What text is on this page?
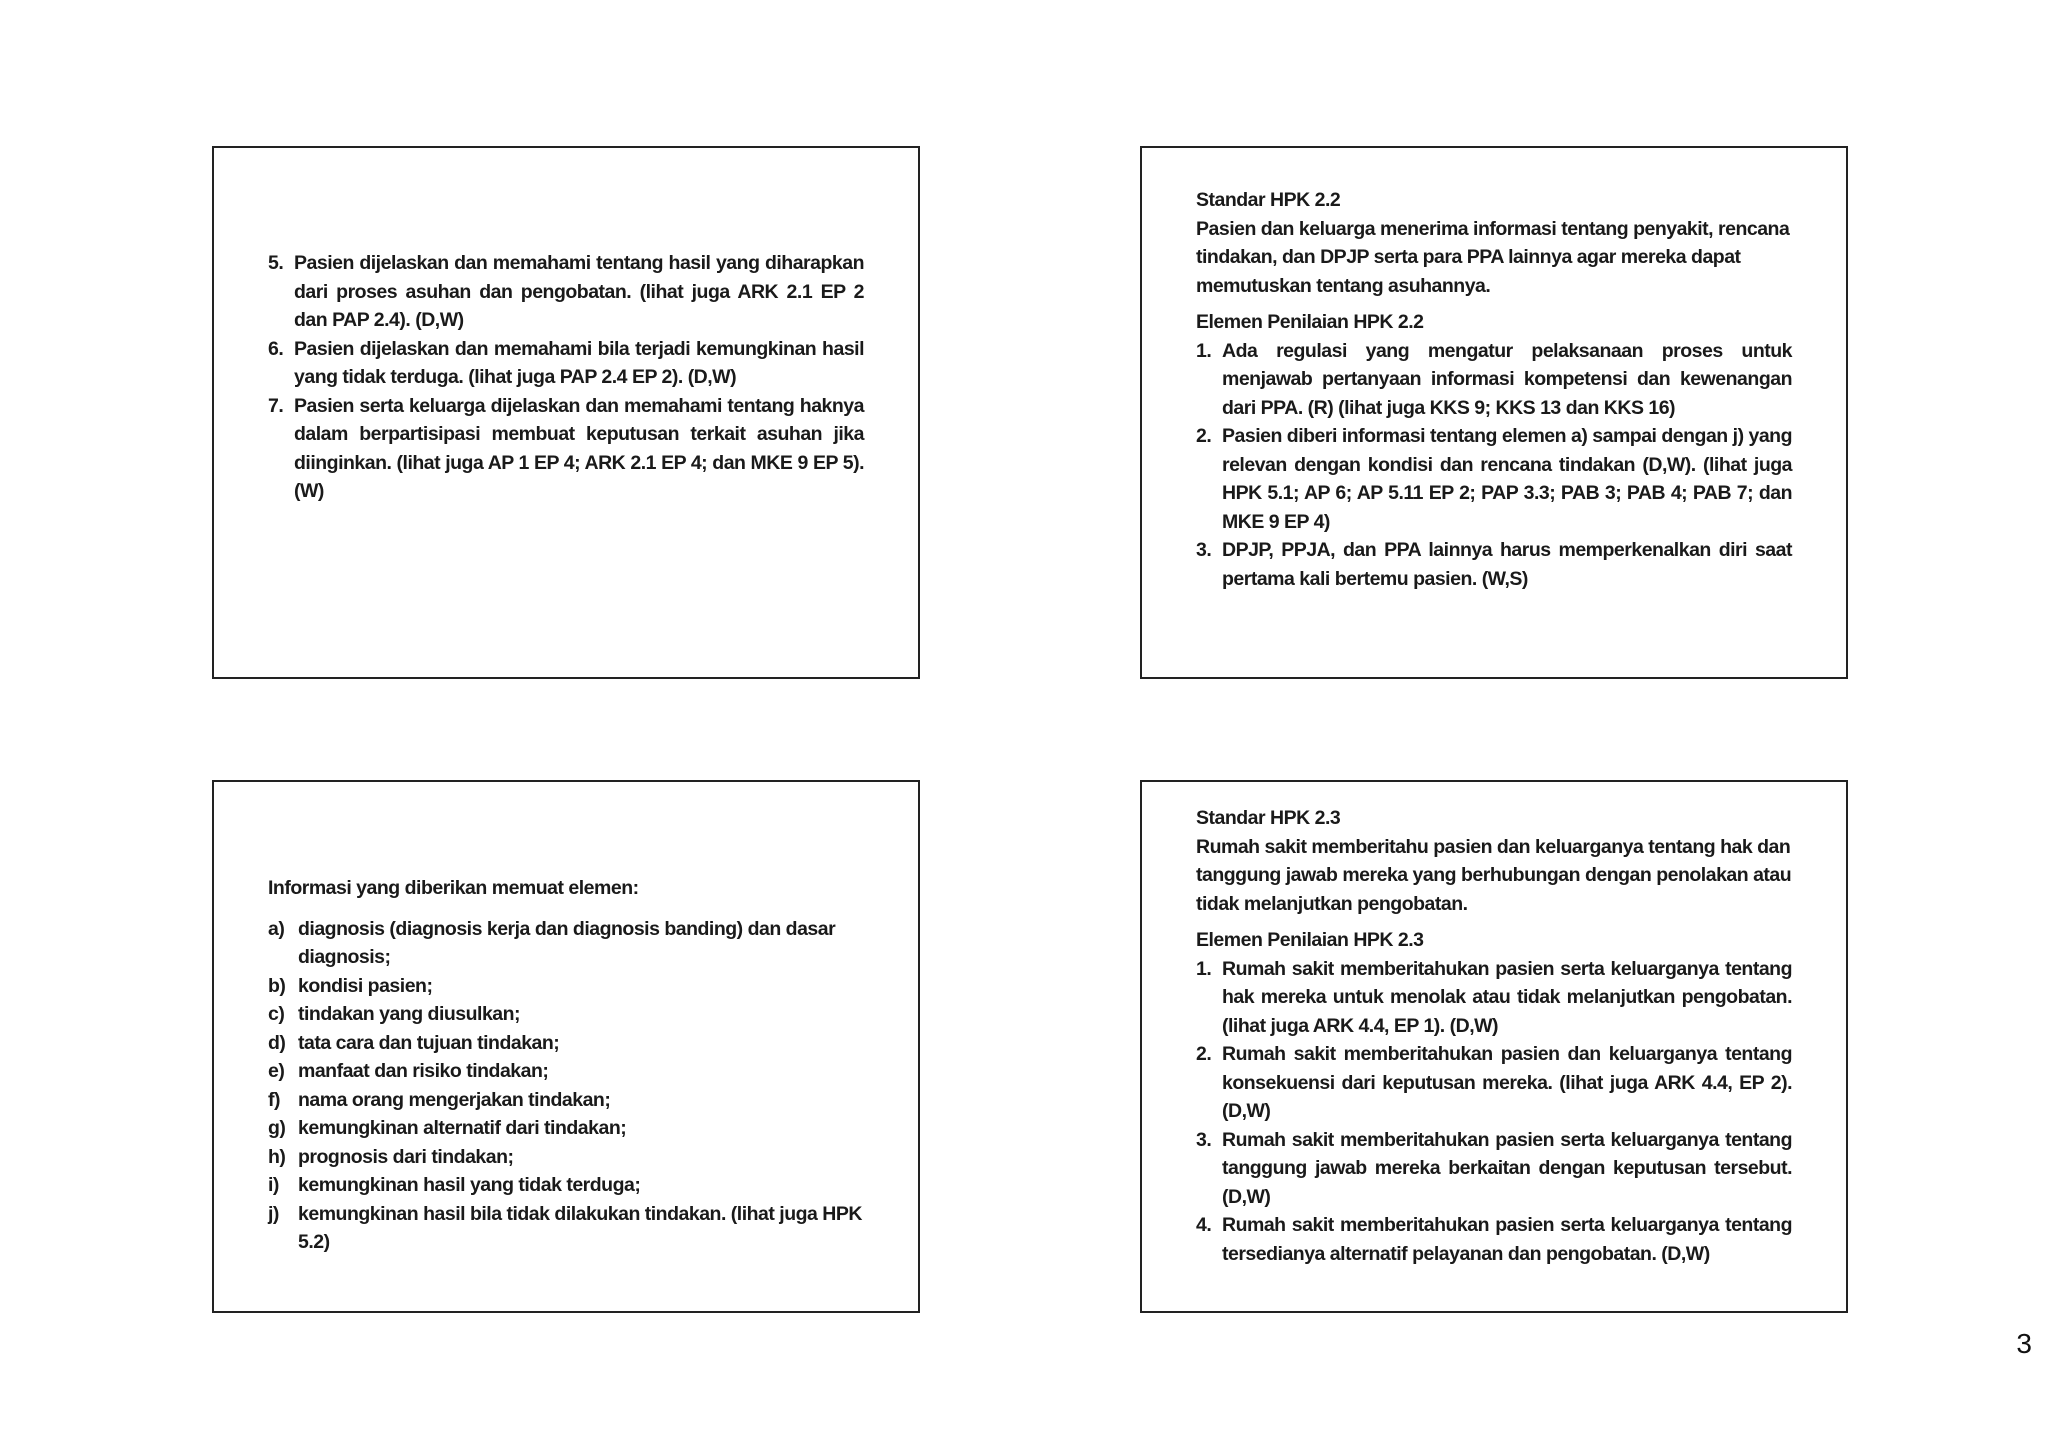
5. Pasien dijelaskan dan memahami tentang hasil yang diharapkan dari proses asuhan dan pengobatan. (lihat juga ARK 2.1 EP 2 dan PAP 2.4). (D,W)
6. Pasien dijelaskan dan memahami bila terjadi kemungkinan hasil yang tidak terduga. (lihat juga PAP 2.4 EP 2). (D,W)
7. Pasien serta keluarga dijelaskan dan memahami tentang haknya dalam berpartisipasi membuat keputusan terkait asuhan jika diinginkan. (lihat juga AP 1 EP 4; ARK 2.1 EP 4; dan MKE 9 EP 5). (W)

Standar HPK 2.2

Pasien dan keluarga menerima informasi tentang penyakit, rencana tindakan, dan DPJP serta para PPA lainnya agar mereka dapat memutuskan tentang asuhannya.

Elemen Penilaian HPK 2.2

1. Ada regulasi yang mengatur pelaksanaan proses untuk menjawab pertanyaan informasi kompetensi dan kewenangan dari PPA. (R) (lihat juga KKS 9; KKS 13 dan KKS 16)
2. Pasien diberi informasi tentang elemen a) sampai dengan j) yang relevan dengan kondisi dan rencana tindakan (D,W). (lihat juga HPK 5.1; AP 6; AP 5.11 EP 2; PAP 3.3; PAB 3; PAB 4; PAB 7; dan MKE 9 EP 4)
3. DPJP, PPJA, dan PPA lainnya harus memperkenalkan diri saat pertama kali bertemu pasien. (W,S)

Informasi yang diberikan memuat elemen:

a) diagnosis (diagnosis kerja dan diagnosis banding) dan dasar diagnosis;
b) kondisi pasien;
c) tindakan yang diusulkan;
d) tata cara dan tujuan tindakan;
e) manfaat dan risiko tindakan;
f) nama orang mengerjakan tindakan;
g) kemungkinan alternatif dari tindakan;
h) prognosis dari tindakan;
i) kemungkinan hasil yang tidak terduga;
j) kemungkinan hasil bila tidak dilakukan tindakan. (lihat juga HPK 5.2)

Standar HPK 2.3

Rumah sakit memberitahu pasien dan keluarganya tentang hak dan tanggung jawab mereka yang berhubungan dengan penolakan atau tidak melanjutkan pengobatan.

Elemen Penilaian HPK 2.3

1. Rumah sakit memberitahukan pasien serta keluarganya tentang hak mereka untuk menolak atau tidak melanjutkan pengobatan. (lihat juga ARK 4.4, EP 1). (D,W)
2. Rumah sakit memberitahukan pasien dan keluarganya tentang konsekuensi dari keputusan mereka. (lihat juga ARK 4.4, EP 2). (D,W)
3. Rumah sakit memberitahukan pasien serta keluarganya tentang tanggung jawab mereka berkaitan dengan keputusan tersebut. (D,W)
4. Rumah sakit memberitahukan pasien serta keluarganya tentang tersedianya alternatif pelayanan dan pengobatan. (D,W)
3
